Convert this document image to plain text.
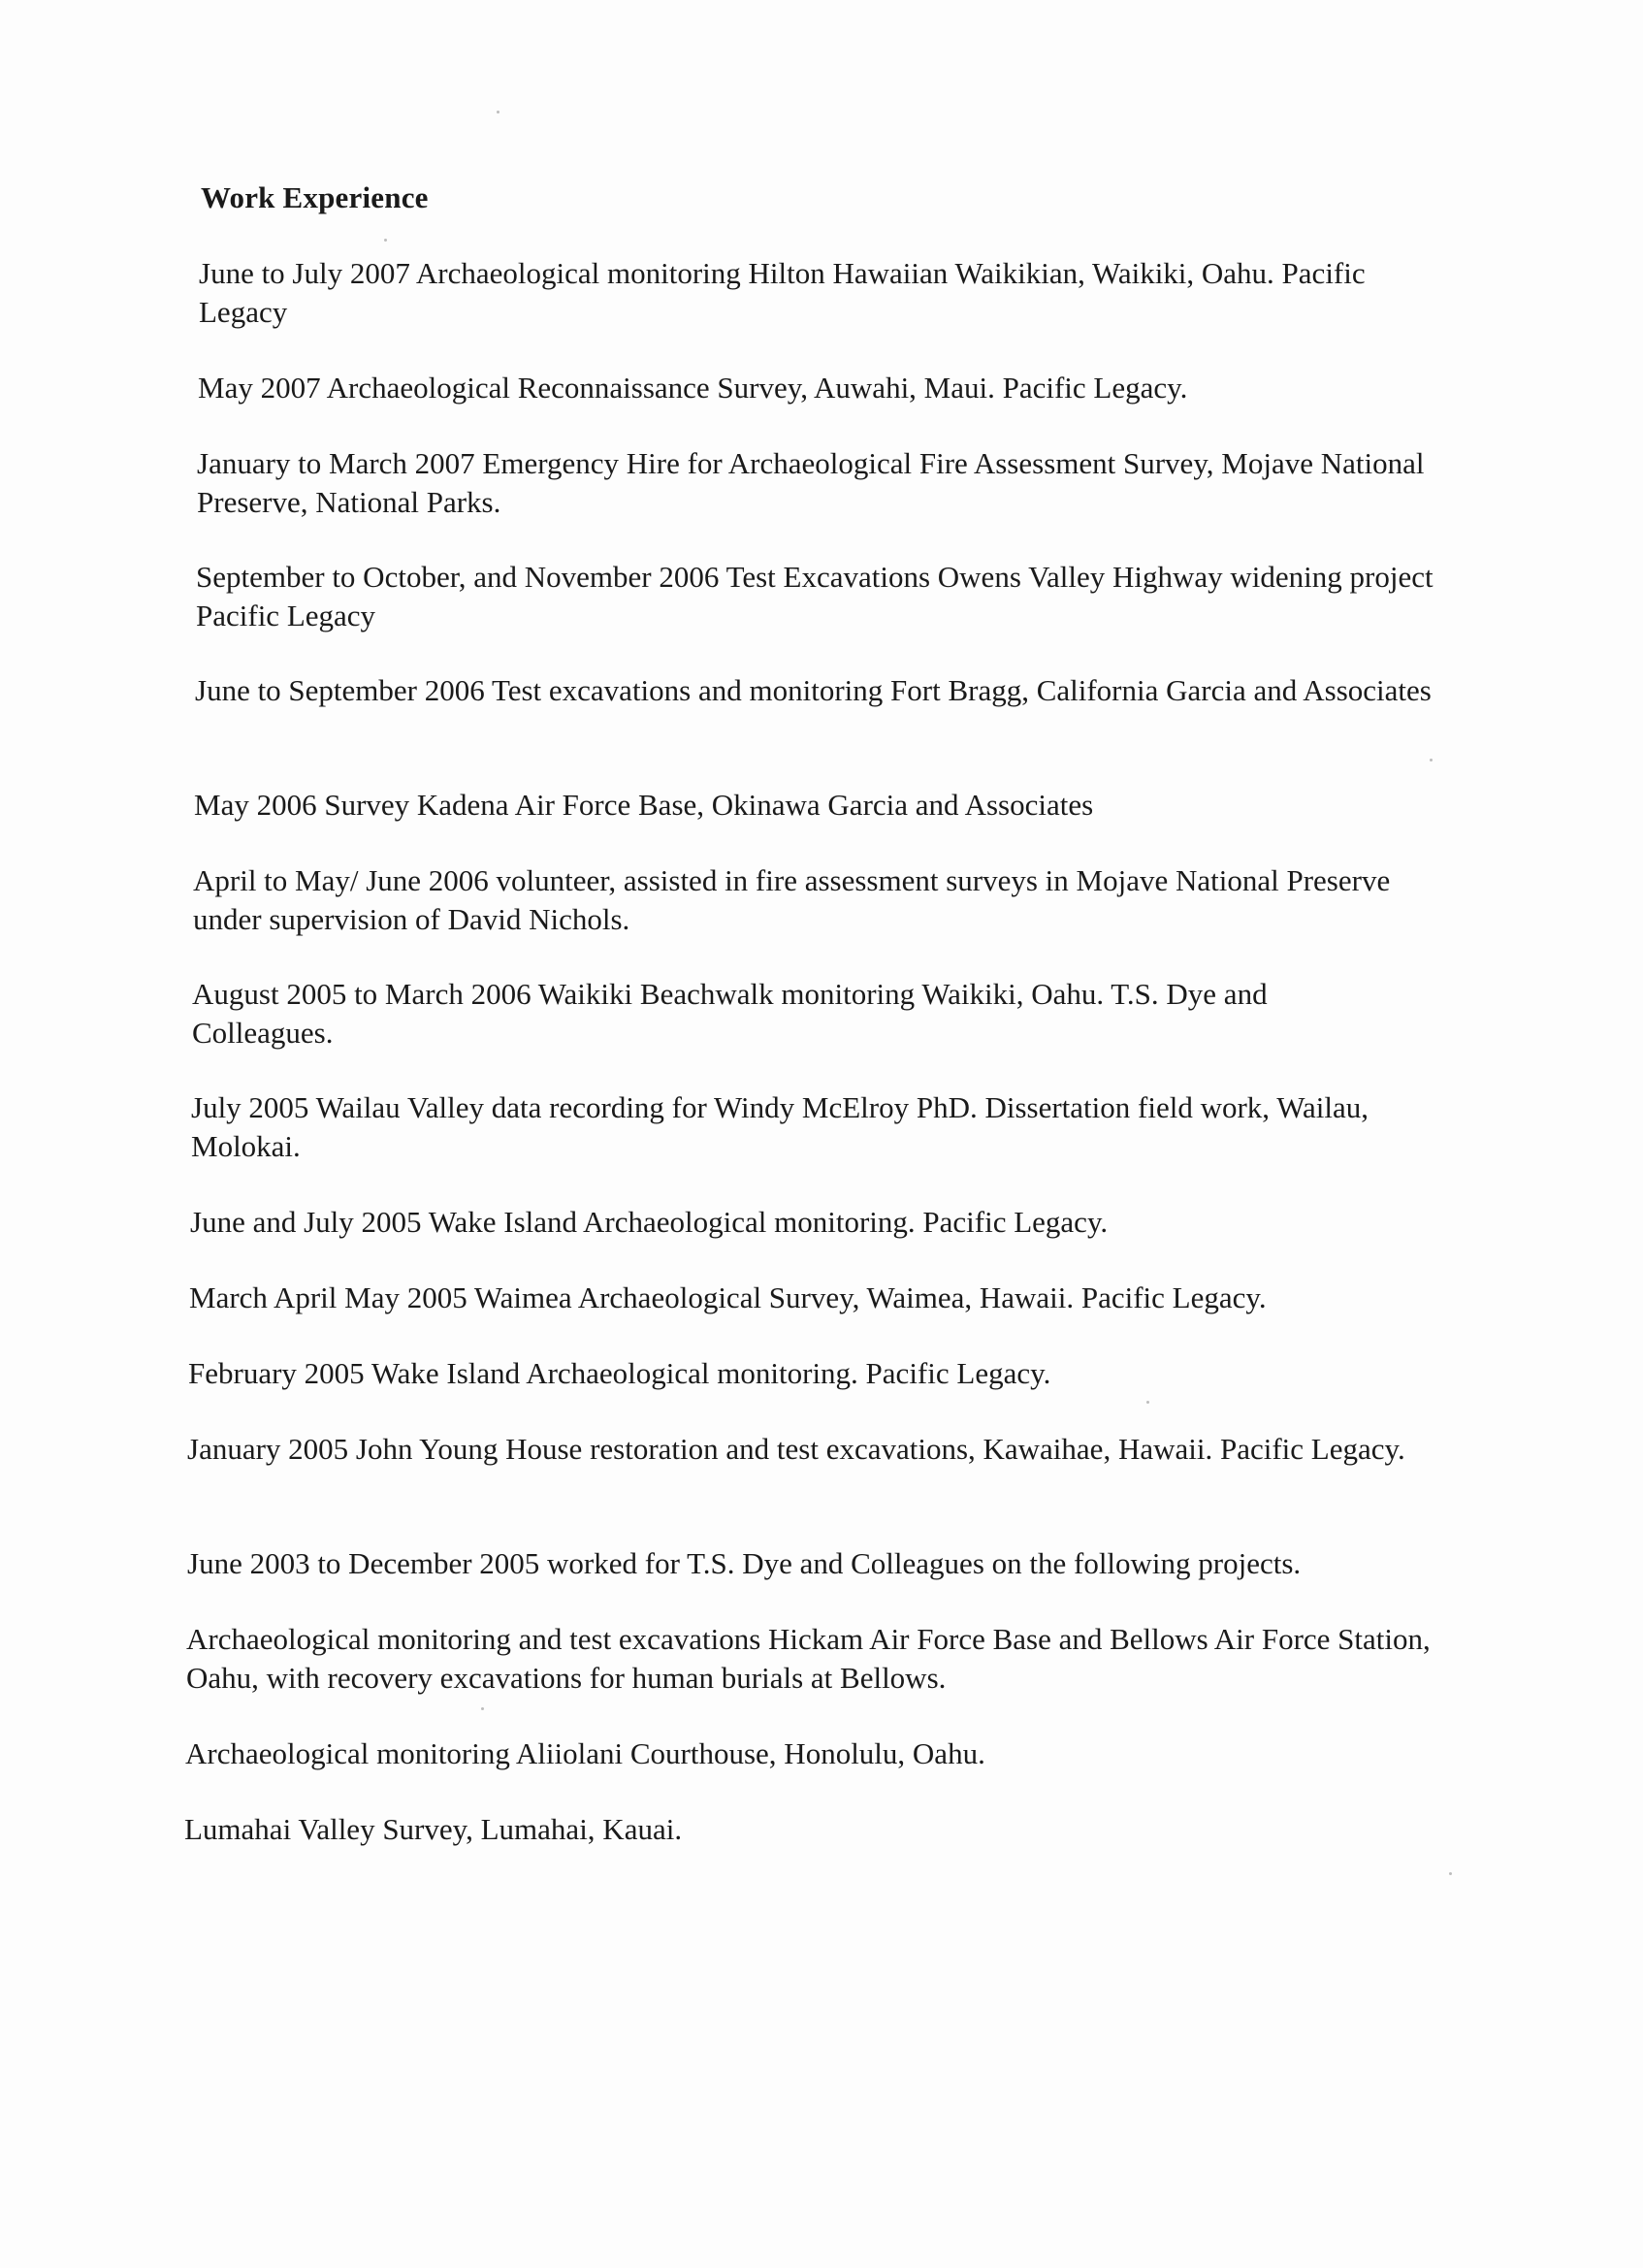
Work Experience
June to July 2007 Archaeological monitoring Hilton Hawaiian Waikikian, Waikiki, Oahu. Pacific Legacy
May 2007 Archaeological Reconnaissance Survey, Auwahi, Maui. Pacific Legacy.
January to March 2007 Emergency Hire for Archaeological Fire Assessment Survey, Mojave National Preserve, National Parks.
September to October, and November 2006 Test Excavations Owens Valley Highway widening project Pacific Legacy
June to September 2006 Test excavations and monitoring Fort Bragg, California Garcia and Associates
May 2006 Survey Kadena Air Force Base, Okinawa Garcia and Associates
April to May/ June 2006 volunteer, assisted in fire assessment surveys in Mojave National Preserve under supervision of David Nichols.
August 2005 to March 2006 Waikiki Beachwalk monitoring Waikiki, Oahu. T.S. Dye and Colleagues.
July 2005 Wailau Valley data recording for Windy McElroy PhD. Dissertation field work, Wailau, Molokai.
June and July 2005 Wake Island Archaeological monitoring. Pacific Legacy.
March April May 2005 Waimea Archaeological Survey, Waimea, Hawaii. Pacific Legacy.
February 2005 Wake Island Archaeological monitoring. Pacific Legacy.
January 2005 John Young House restoration and test excavations, Kawaihae, Hawaii. Pacific Legacy.
June 2003 to December 2005 worked for T.S. Dye and Colleagues on the following projects.
Archaeological monitoring and test excavations Hickam Air Force Base and Bellows Air Force Station, Oahu, with recovery excavations for human burials at Bellows.
Archaeological monitoring Aliiolani Courthouse, Honolulu, Oahu.
Lumahai Valley Survey, Lumahai, Kauai.
